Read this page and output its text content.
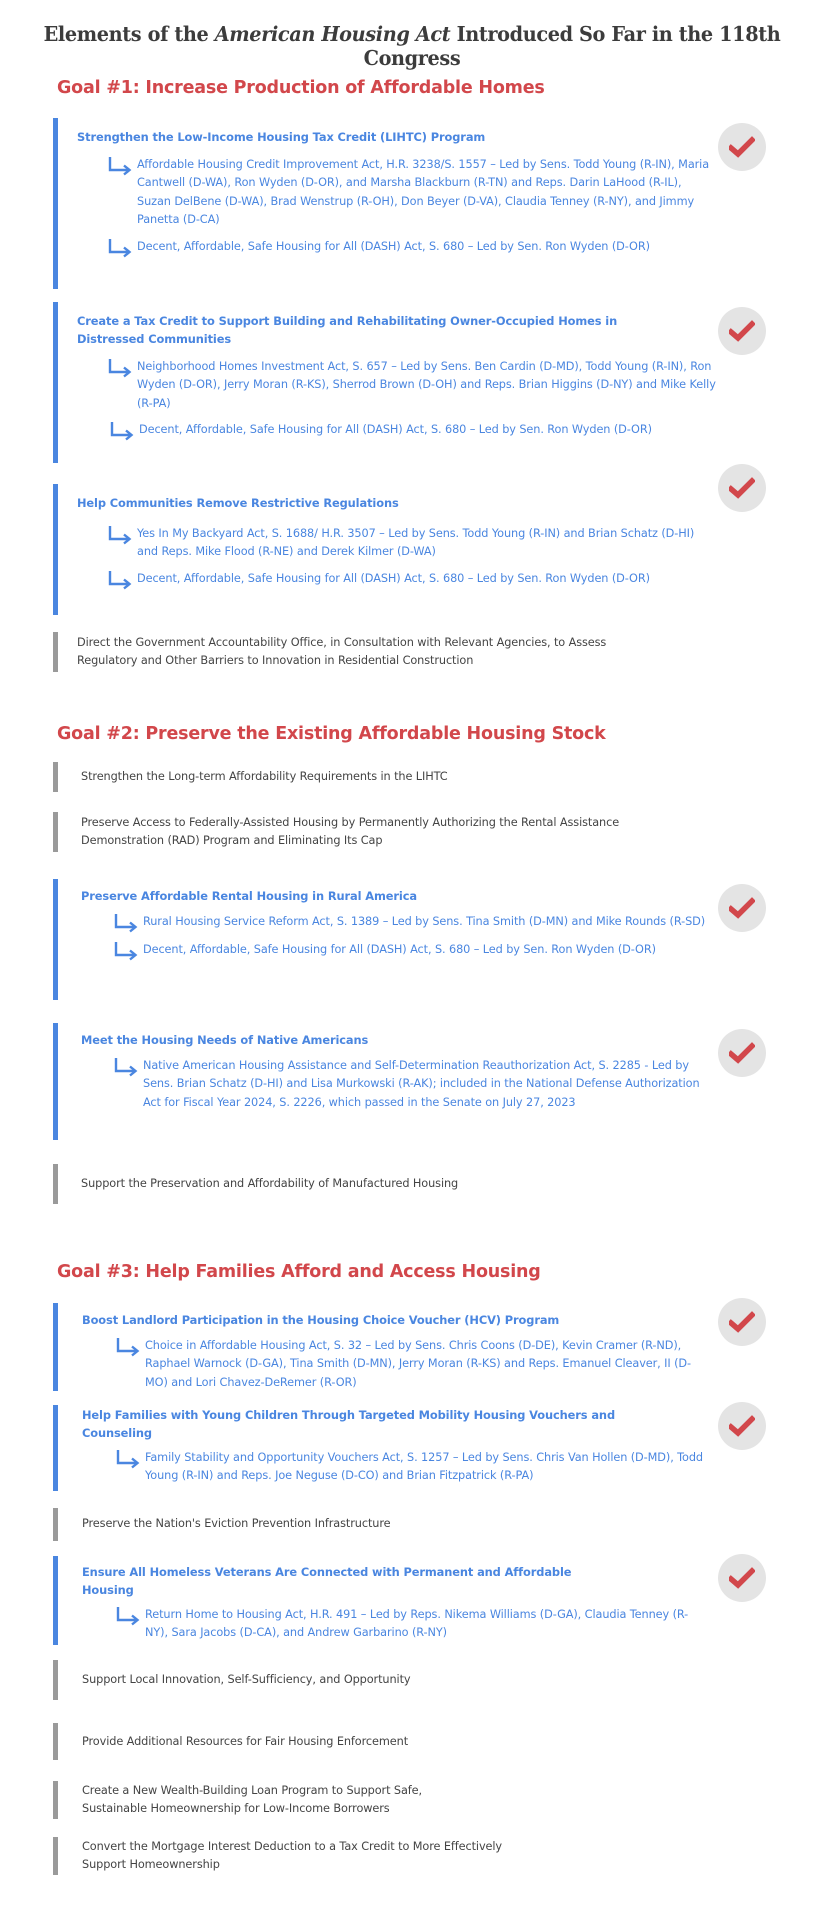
Elements of the American Housing Act Introduced So Far in the 118th Congress
Goal #1: Increase Production of Affordable Homes
Strengthen the Low-Income Housing Tax Credit (LIHTC) Program
Affordable Housing Credit Improvement Act, H.R. 3238/S. 1557 – Led by Sens. Todd Young (R-IN), Maria Cantwell (D-WA), Ron Wyden (D-OR), and Marsha Blackburn (R-TN) and Reps. Darin LaHood (R-IL), Suzan DelBene (D-WA), Brad Wenstrup (R-OH), Don Beyer (D-VA), Claudia Tenney (R-NY), and Jimmy Panetta (D-CA)
Decent, Affordable, Safe Housing for All (DASH) Act, S. 680 – Led by Sen. Ron Wyden (D-OR)
Create a Tax Credit to Support Building and Rehabilitating Owner-Occupied Homes in Distressed Communities
Neighborhood Homes Investment Act, S. 657 – Led by Sens. Ben Cardin (D-MD), Todd Young (R-IN), Ron Wyden (D-OR), Jerry Moran (R-KS), Sherrod Brown (D-OH) and Reps. Brian Higgins (D-NY) and Mike Kelly (R-PA)
Decent, Affordable, Safe Housing for All (DASH) Act, S. 680 – Led by Sen. Ron Wyden (D-OR)
Help Communities Remove Restrictive Regulations
Yes In My Backyard Act, S. 1688/ H.R. 3507 – Led by Sens. Todd Young (R-IN) and Brian Schatz (D-HI) and Reps. Mike Flood (R-NE) and Derek Kilmer (D-WA)
Decent, Affordable, Safe Housing for All (DASH) Act, S. 680 – Led by Sen. Ron Wyden (D-OR)
Direct the Government Accountability Office, in Consultation with Relevant Agencies, to Assess Regulatory and Other Barriers to Innovation in Residential Construction
Goal #2: Preserve the Existing Affordable Housing Stock
Strengthen the Long-term Affordability Requirements in the LIHTC
Preserve Access to Federally-Assisted Housing by Permanently Authorizing the Rental Assistance Demonstration (RAD) Program and Eliminating Its Cap
Preserve Affordable Rental Housing in Rural America
Rural Housing Service Reform Act, S. 1389 – Led by Sens. Tina Smith (D-MN) and Mike Rounds (R-SD)
Decent, Affordable, Safe Housing for All (DASH) Act, S. 680 – Led by Sen. Ron Wyden (D-OR)
Meet the Housing Needs of Native Americans
Native American Housing Assistance and Self-Determination Reauthorization Act, S. 2285 - Led by Sens. Brian Schatz (D-HI) and Lisa Murkowski (R-AK); included in the National Defense Authorization Act for Fiscal Year 2024, S. 2226, which passed in the Senate on July 27, 2023
Support the Preservation and Affordability of Manufactured Housing
Goal #3: Help Families Afford and Access Housing
Boost Landlord Participation in the Housing Choice Voucher (HCV) Program
Choice in Affordable Housing Act, S. 32 – Led by Sens. Chris Coons (D-DE), Kevin Cramer (R-ND), Raphael Warnock (D-GA), Tina Smith (D-MN), Jerry Moran (R-KS) and Reps. Emanuel Cleaver, II (D-MO) and Lori Chavez-DeRemer (R-OR)
Help Families with Young Children Through Targeted Mobility Housing Vouchers and Counseling
Family Stability and Opportunity Vouchers Act, S. 1257 – Led by Sens. Chris Van Hollen (D-MD), Todd Young (R-IN) and Reps. Joe Neguse (D-CO) and Brian Fitzpatrick (R-PA)
Preserve the Nation's Eviction Prevention Infrastructure
Ensure All Homeless Veterans Are Connected with Permanent and Affordable Housing
Return Home to Housing Act, H.R. 491 – Led by Reps. Nikema Williams (D-GA), Claudia Tenney (R-NY), Sara Jacobs (D-CA), and Andrew Garbarino (R-NY)
Support Local Innovation, Self-Sufficiency, and Opportunity
Provide Additional Resources for Fair Housing Enforcement
Create a New Wealth-Building Loan Program to Support Safe, Sustainable Homeownership for Low-Income Borrowers
Convert the Mortgage Interest Deduction to a Tax Credit to More Effectively Support Homeownership
